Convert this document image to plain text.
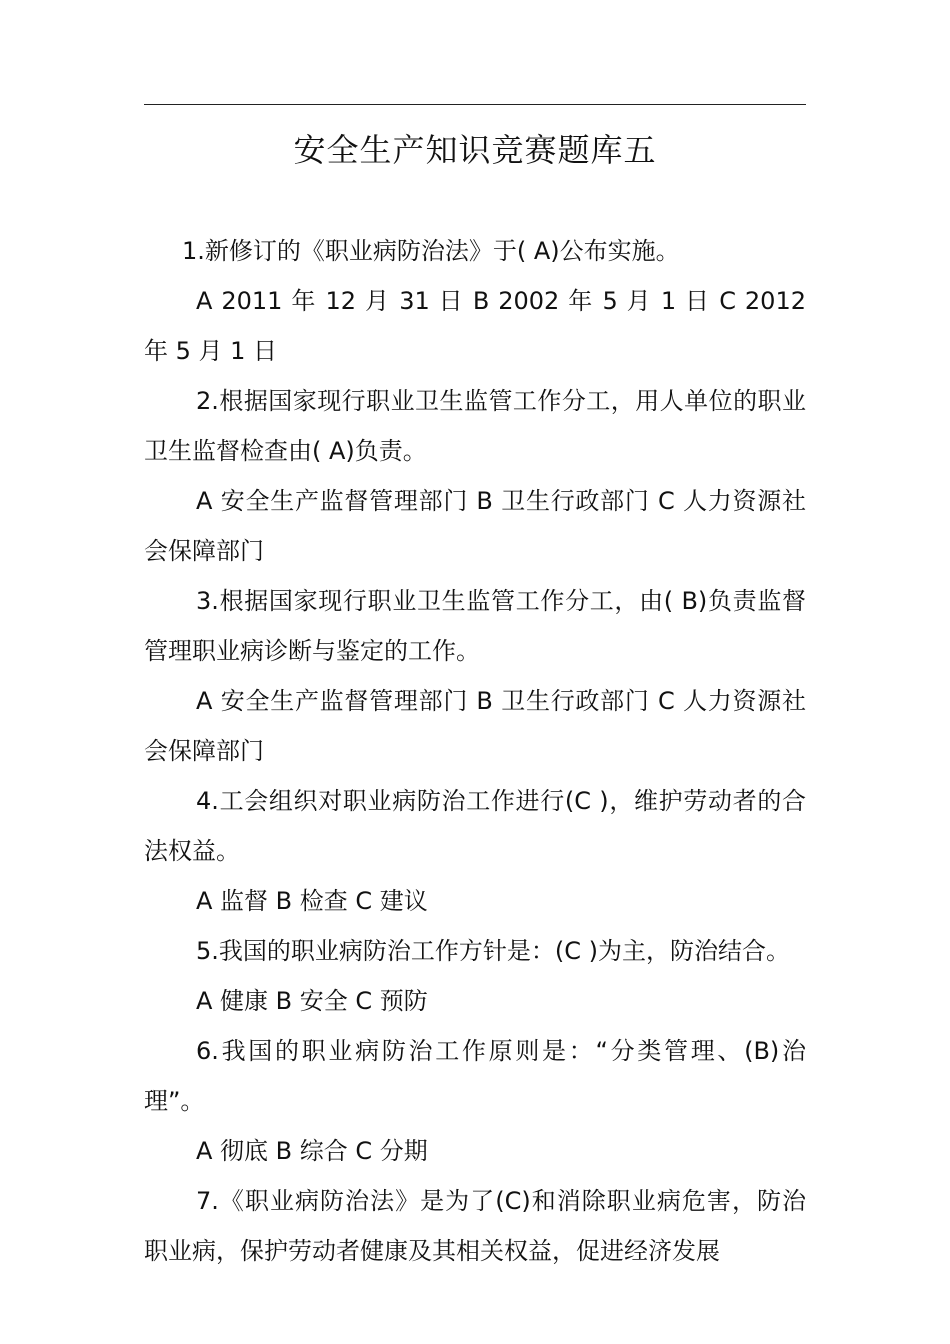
安全生产知识竞赛题库五

1.新修订的《职业病防治法》于( A)公布实施。

A 2011 年 12 月 31 日 B 2002 年 5 月 1 日 C 2012 年 5 月 1 日

2.根据国家现行职业卫生监管工作分工，用人单位的职业卫生监督检查由( A)负责。

A 安全生产监督管理部门 B 卫生行政部门 C 人力资源社会保障部门

3.根据国家现行职业卫生监管工作分工，由( B)负责监督管理职业病诊断与鉴定的工作。

A 安全生产监督管理部门 B 卫生行政部门 C 人力资源社会保障部门

4.工会组织对职业病防治工作进行(C )，维护劳动者的合法权益。

A 监督 B 检查 C 建议

5.我国的职业病防治工作方针是：(C )为主，防治结合。

A 健康 B 安全 C 预防

6.我国的职业病防治工作原则是：“分类管理、(B)治理”。

A 彻底 B 综合 C 分期

7.《职业病防治法》是为了(C)和消除职业病危害，防治职业病，保护劳动者健康及其相关权益，促进经济发展
